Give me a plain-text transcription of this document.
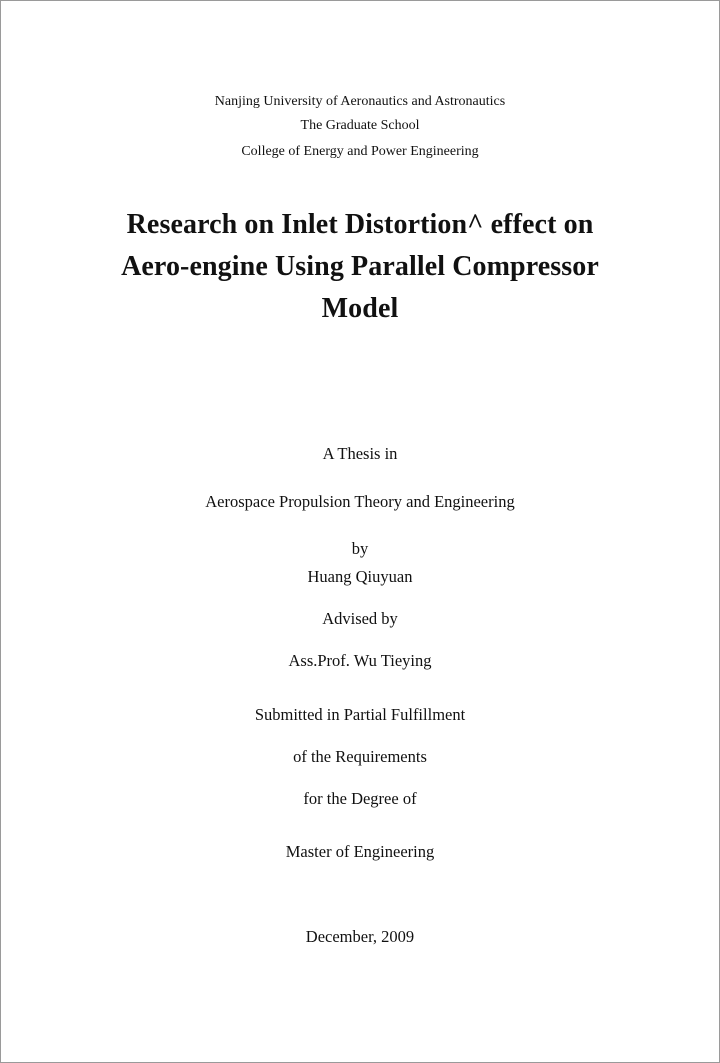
Nanjing University of Aeronautics and Astronautics
The Graduate School
College of Energy and Power Engineering
Research on Inlet Distortion^ effect on
Aero-engine Using Parallel Compressor
Model
A Thesis in
Aerospace Propulsion Theory and Engineering
by
Huang Qiuyuan
Advised by
Ass.Prof. Wu Tieying
Submitted in Partial Fulfillment
of the Requirements
for the Degree of
Master of Engineering
December, 2009
